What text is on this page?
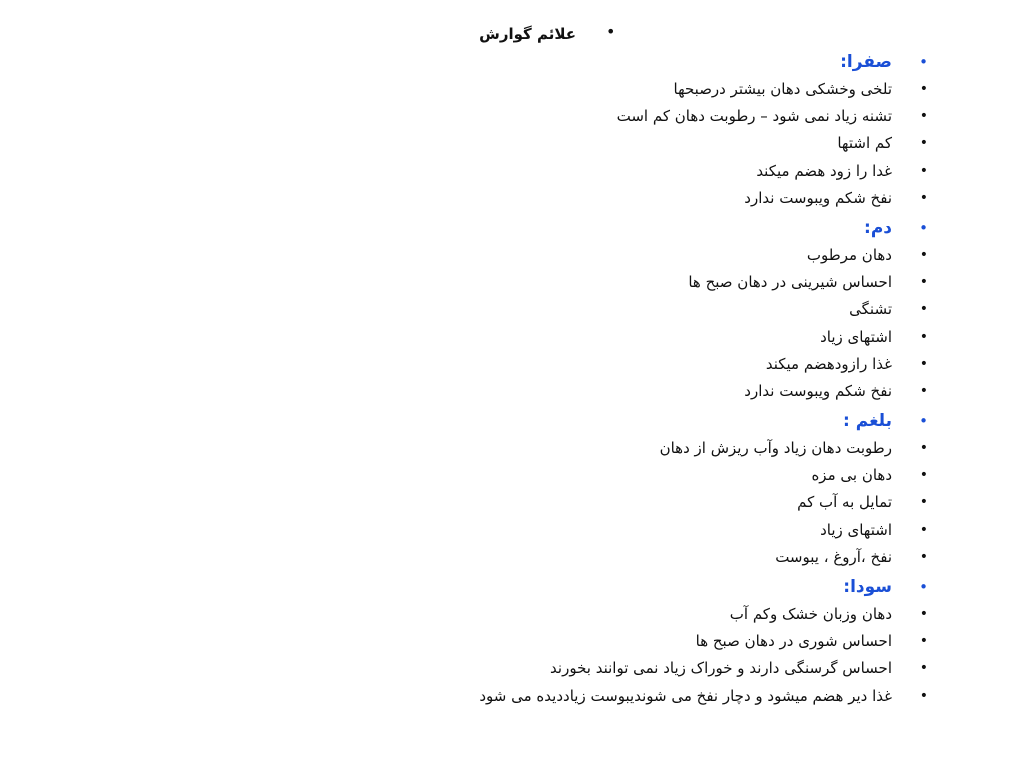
•
علائم گوارش
•
صفرا:
•
تلخی وخشکی دهان بیشتر درصبحها
•
تشنه زیاد نمی شود – رطوبت دهان کم است
•
کم اشتها
•
غدا را زود هضم میکند
•
نفخ شکم ویبوست ندارد
•
دم:
•
دهان مرطوب
•
احساس شیرینی در دهان صبح ها
•
تشنگی
•
اشتهای زیاد
•
غذا رازودهضم میکند
•
نفخ شکم ویبوست ندارد
•
بلغم :
•
رطوبت دهان زیاد وآب ریزش از دهان
•
دهان بی مزه
•
تمایل به آب کم
•
اشتهای زیاد
•
نفخ ،آروغ ، یبوست
•
سودا:
•
دهان وزبان خشک وکم آب
•
احساس شوری در دهان صبح ها
•
احساس گرسنگی دارند و خوراک زیاد نمی توانند بخورند
•
غذا دیر هضم میشود و دچار نفخ می شوندیبوست زیاددیده می شود
